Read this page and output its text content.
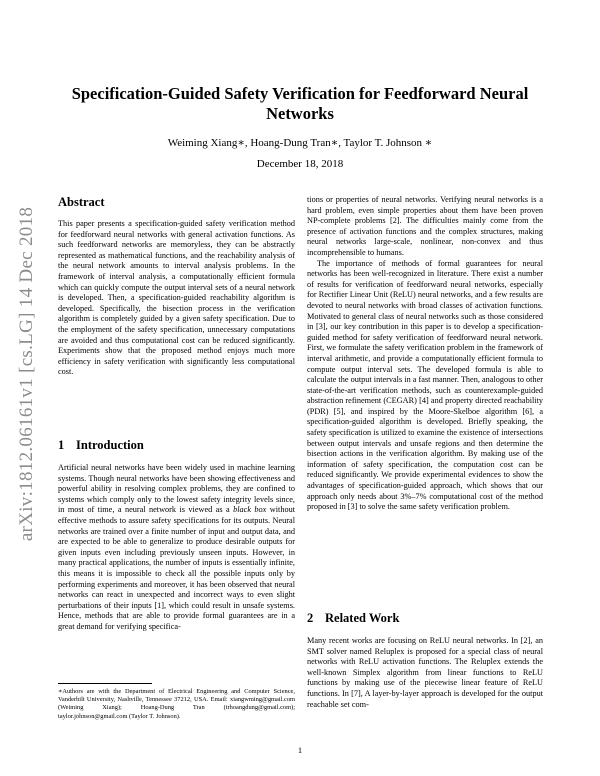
arXiv:1812.06161v1 [cs.LG] 14 Dec 2018
Specification-Guided Safety Verification for Feedforward Neural
Networks
Weiming Xiang∗, Hoang-Dung Tran∗, Taylor T. Johnson ∗
December 18, 2018
Abstract

This paper presents a specification-guided safety verification method for feedforward neural networks with general activation functions. As such feedforward networks are memoryless, they can be abstractly represented as mathematical functions, and the reachability analysis of the neural network amounts to interval analysis problems. In the framework of interval analysis, a computationally efficient formula which can quickly compute the output interval sets of a neural network is developed. Then, a specification-guided reachability algorithm is developed. Specifically, the bisection process in the verification algorithm is completely guided by a given safety specification. Due to the employment of the safety specification, unnecessary computations are avoided and thus computational cost can be reduced significantly. Experiments show that the proposed method enjoys much more efficiency in safety verification with significantly less computational cost.

1 Introduction

Artificial neural networks have been widely used in machine learning systems. Though neural networks have been showing effectiveness and powerful ability in resolving complex problems, they are confined to systems which comply only to the lowest safety integrity levels since, in most of time, a neural network is viewed as a black box without effective methods to assure safety specifications for its outputs. Neural networks are trained over a finite number of input and output data, and are expected to be able to generalize to produce desirable outputs for given inputs even including previously unseen inputs. However, in many practical applications, the number of inputs is essentially infinite, this means it is impossible to check all the possible inputs only by performing experiments and moreover, it has been observed that neural networks can react in unexpected and incorrect ways to even slight perturbations of their inputs [1], which could result in unsafe systems. Hence, methods that are able to provide formal guarantees are in a great demand for verifying specifica-

∗Authors are with the Department of Electrical Engineering and Computer Science, Vanderbilt University, Nashville, Tennessee 37212, USA. Email: xiangwming@gmail.com (Weiming Xiang); Hoang-Dung Tran (trhoangdung@gmail.com); taylor.johnson@gmail.com (Taylor T. Johnson).

tions or properties of neural networks. Verifying neural networks is a hard problem, even simple properties about them have been proven NP-complete problems [2]. The difficulties mainly come from the presence of activation functions and the complex structures, making neural networks large-scale, nonlinear, non-convex and thus incomprehensible to humans.

The importance of methods of formal guarantees for neural networks has been well-recognized in literature. There exist a number of results for verification of feedforward neural networks, especially for Rectifier Linear Unit (ReLU) neural networks, and a few results are devoted to neural networks with broad classes of activation functions. Motivated to general class of neural networks such as those considered in [3], our key contribution in this paper is to develop a specification-guided method for safety verification of feedforward neural network. First, we formulate the safety verification problem in the framework of interval arithmetic, and provide a computationally efficient formula to compute output interval sets. The developed formula is able to calculate the output intervals in a fast manner. Then, analogous to other state-of-the-art verification methods, such as counterexample-guided abstraction refinement (CEGAR) [4] and property directed reachability (PDR) [5], and inspired by the Moore-Skelboe algorithm [6], a specification-guided algorithm is developed. Briefly speaking, the safety specification is utilized to examine the existence of intersections between output intervals and unsafe regions and then determine the bisection actions in the verification algorithm. By making use of the information of safety specification, the computation cost can be reduced significantly. We provide experimental evidences to show the advantages of specification-guided approach, which shows that our approach only needs about 3%–7% computational cost of the method proposed in [3] to solve the same safety verification problem.

2 Related Work

Many recent works are focusing on ReLU neural networks. In [2], an SMT solver named Reluplex is proposed for a special class of neural networks with ReLU activation functions. The Reluplex extends the well-known Simplex algorithm from linear functions to ReLU functions by making use of the piecewise linear feature of ReLU functions. In [7], A layer-by-layer approach is developed for the output reachable set com-

1
